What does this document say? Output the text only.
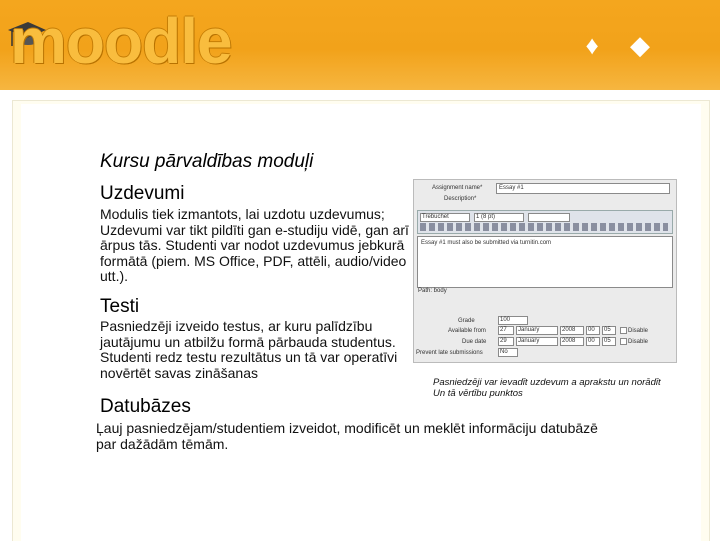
moodle	♦ ◆
Kursu pārvaldības moduļi
Uzdevumi
Modulis tiek izmantots, lai uzdotu uzdevumus; Uzdevumi var tikt pildīti gan e-studiju vidē, gan arī ārpus tās. Studenti var nodot uzdevumus jebkurā formātā (piem. MS Office, PDF, attēli, audio/video utt.).
Testi
Pasniedzēji izveido testus, ar kuru palīdzību jautājumu un atbilžu formā pārbauda studentus. Studenti redz testu rezultātus un tā var operatīvi novērtēt savas zināšanas
Datubāzes
Ļauj pasniedzējam/studentiem izveidot, modificēt un meklēt informāciju datubāzē par dažādām tēmām.
Assignment name*	Essay #1
Description*
Trebuchet	1 (8 pt)
Essay #1 must also be submitted via turnitin.com
Path: body
Grade	100
Available from 27 January	2008 00 05	Disable
Due date 29 January	2008 00 05	Disable
Prevent late submissions	No
Pasniedzēji var ievadīt uzdevum a aprakstu un norādīt
Un tā vērtību punktos
